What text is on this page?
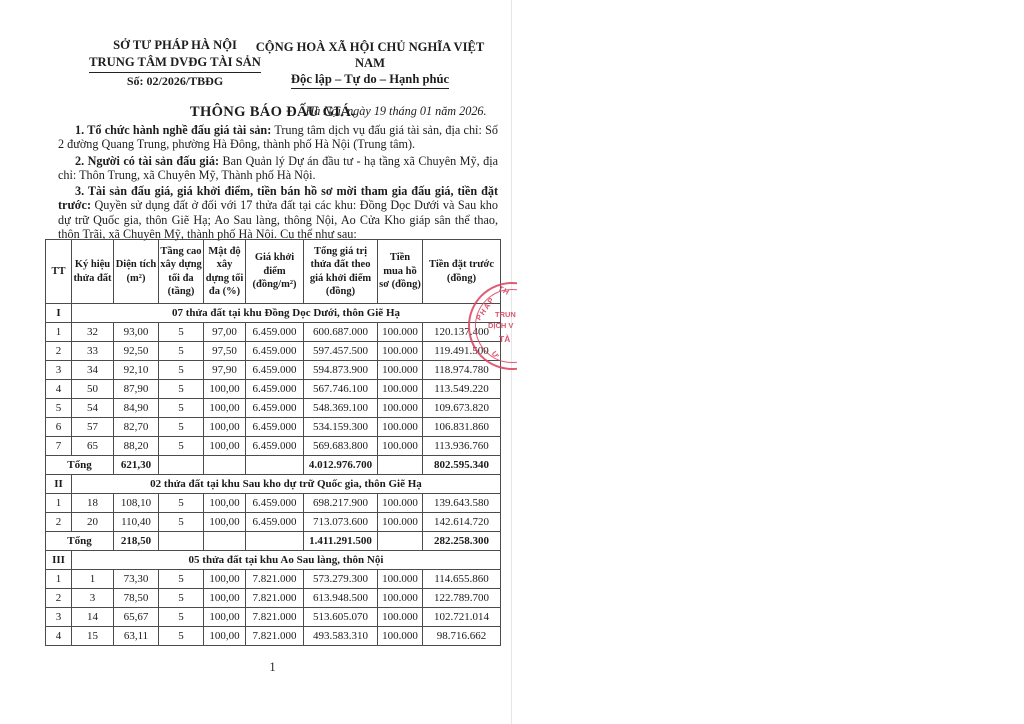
SỞ TƯ PHÁP HÀ NỘI
TRUNG TÂM DVĐG TÀI SẢN
Số: 02/2026/TBĐG
CỘNG HOÀ XÃ HỘI CHỦ NGHĨA VIỆT NAM
Độc lập – Tự do – Hạnh phúc
Hà Nội, ngày 19 tháng 01 năm 2026.
THÔNG BÁO ĐẤU GIÁ.

1. Tổ chức hành nghề đấu giá tài sản: Trung tâm dịch vụ đấu giá tài sản, địa chỉ: Số 2 đường Quang Trung, phường Hà Đông, thành phố Hà Nội (Trung tâm).

2. Người có tài sản đấu giá: Ban Quản lý Dự án đầu tư - hạ tầng xã Chuyên Mỹ, địa chỉ: Thôn Trung, xã Chuyên Mỹ, Thành phố Hà Nội.

3. Tài sản đấu giá, giá khởi điểm, tiền bán hồ sơ mời tham gia đấu giá, tiền đặt trước: Quyền sử dụng đất ở đối với 17 thửa đất tại các khu: Đồng Dọc Dưới và Sau kho dự trữ Quốc gia, thôn Giẽ Hạ; Ao Sau làng, thông Nội, Ao Cửa Kho giáp sân thể thao, thôn Trãi, xã Chuyên Mỹ, thành phố Hà Nội. Cụ thể như sau:

TT	Ký hiệu thửa đất	Diện tích (m²)	Tầng cao xây dựng tối đa (tầng)	Mật độ xây dựng tối đa (%)	Giá khởi điểm (đồng/m²)	Tổng giá trị thửa đất theo giá khởi điểm (đồng)	Tiền mua hồ sơ (đồng)	Tiền đặt trước (đồng)
I	07 thửa đất tại khu Đồng Dọc Dưới, thôn Giẽ Hạ							
1	32	93,00	5	97,00	6.459.000	600.687.000	100.000	120.137.400
2	33	92,50	5	97,50	6.459.000	597.457.500	100.000	119.491.500
3	34	92,10	5	97,90	6.459.000	594.873.900	100.000	118.974.780
4	50	87,90	5	100,00	6.459.000	567.746.100	100.000	113.549.220
5	54	84,90	5	100,00	6.459.000	548.369.100	100.000	109.673.820
6	57	82,70	5	100,00	6.459.000	534.159.300	100.000	106.831.860
7	65	88,20	5	100,00	6.459.000	569.683.800	100.000	113.936.760
Tổng		621,30				4.012.976.700		802.595.340
II	02 thửa đất tại khu Sau kho dự trữ Quốc gia, thôn Giẽ Hạ							
1	18	108,10	5	100,00	6.459.000	698.217.900	100.000	139.643.580
2	20	110,40	5	100,00	6.459.000	713.073.600	100.000	142.614.720
Tổng		218,50				1.411.291.500		282.258.300
III	05 thửa đất tại khu Ao Sau làng, thôn Nội							
1	1	73,30	5	100,00	7.821.000	573.279.300	100.000	114.655.860
2	3	78,50	5	100,00	7.821.000	613.948.500	100.000	122.789.700
3	14	65,67	5	100,00	7.821.000	513.605.070	100.000	102.721.014
4	15	63,11	5	100,00	7.821.000	493.583.310	100.000	98.716.662
TH
PHÁP
TRUN
DỊCH V
TÀ
Ự
1
